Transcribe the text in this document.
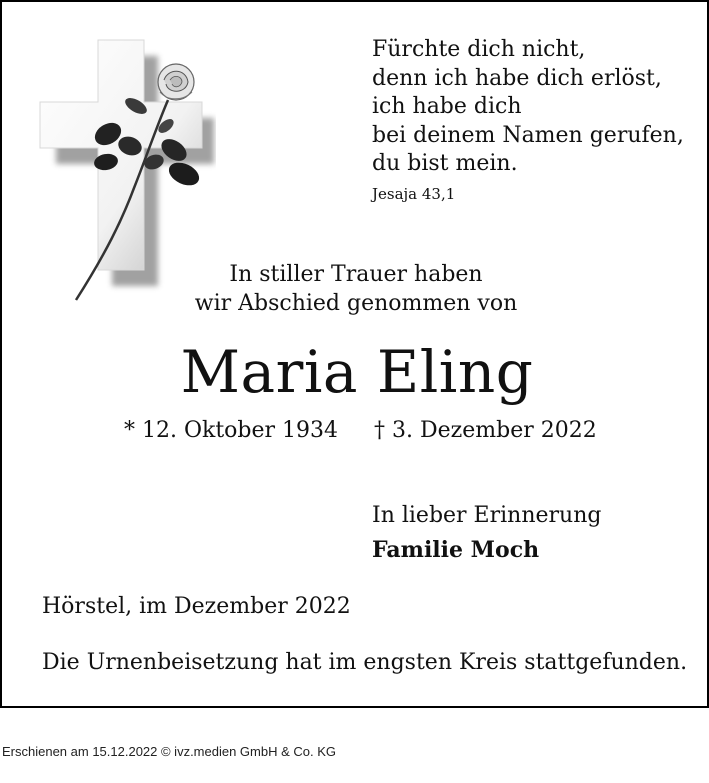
Fürchte dich nicht,
denn ich habe dich erlöst,
ich habe dich
bei deinem Namen gerufen,
du bist mein.
Jesaja 43,1
In stiller Trauer haben
wir Abschied genommen von
Maria Eling
* 12. Oktober 1934 † 3. Dezember 2022
In lieber Erinnerung
Familie Moch
Hörstel, im Dezember 2022
Die Urnenbeisetzung hat im engsten Kreis stattgefunden.
Erschienen am 15.12.2022 © ivz.medien GmbH & Co. KG
